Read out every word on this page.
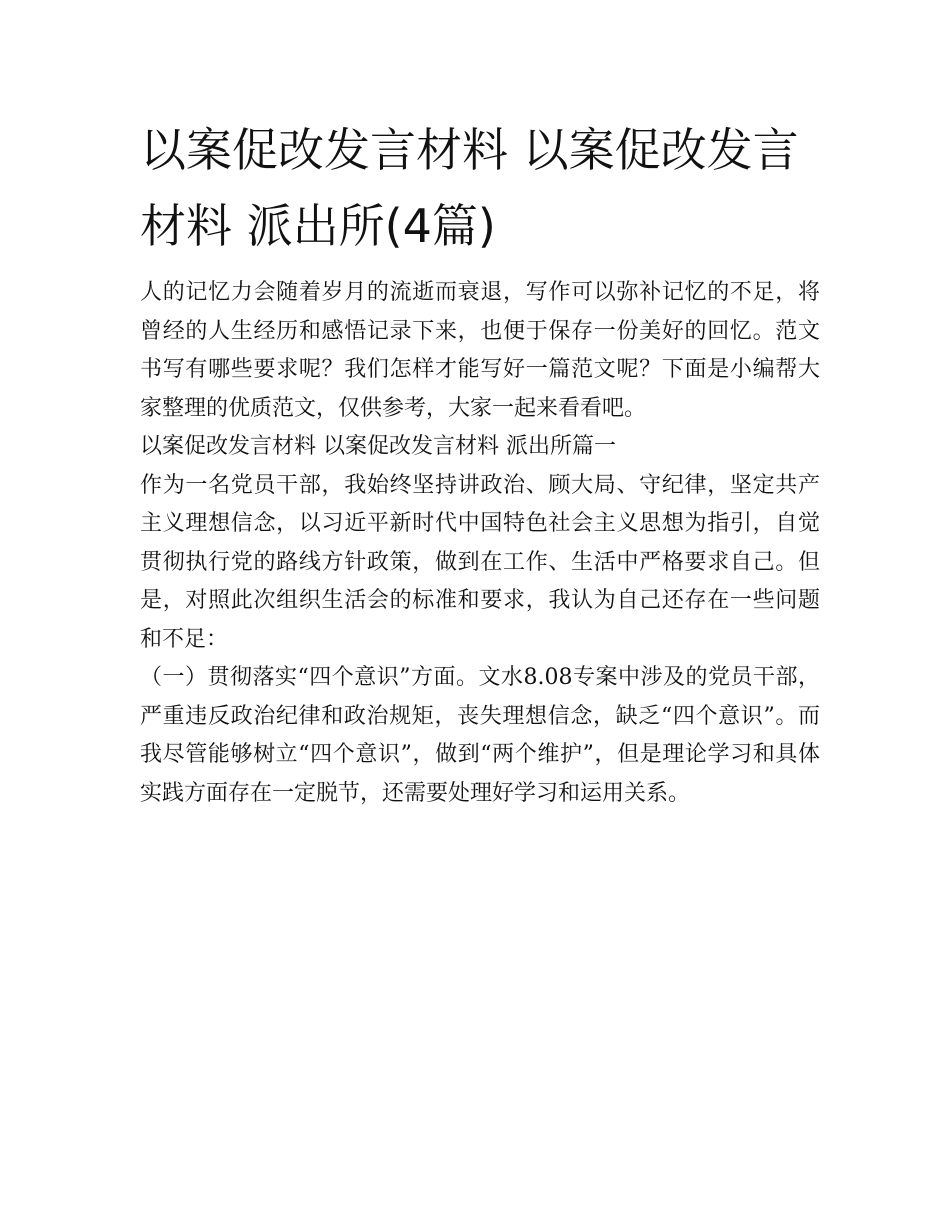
以案促改发言材料 以案促改发言材料 派出所(4篇)

人的记忆力会随着岁月的流逝而衰退，写作可以弥补记忆的不足，将曾经的人生经历和感悟记录下来，也便于保存一份美好的回忆。范文书写有哪些要求呢？我们怎样才能写好一篇范文呢？下面是小编帮大家整理的优质范文，仅供参考，大家一起来看看吧。

以案促改发言材料 以案促改发言材料 派出所篇一

作为一名党员干部，我始终坚持讲政治、顾大局、守纪律，坚定共产主义理想信念，以习近平新时代中国特色社会主义思想为指引，自觉贯彻执行党的路线方针政策，做到在工作、生活中严格要求自己。但是，对照此次组织生活会的标准和要求，我认为自己还存在一些问题和不足：

（一）贯彻落实“四个意识”方面。文水8.08专案中涉及的党员干部，严重违反政治纪律和政治规矩，丧失理想信念，缺乏“四个意识”。而我尽管能够树立“四个意识”，做到“两个维护”，但是理论学习和具体实践方面存在一定脱节，还需要处理好学习和运用关系。
